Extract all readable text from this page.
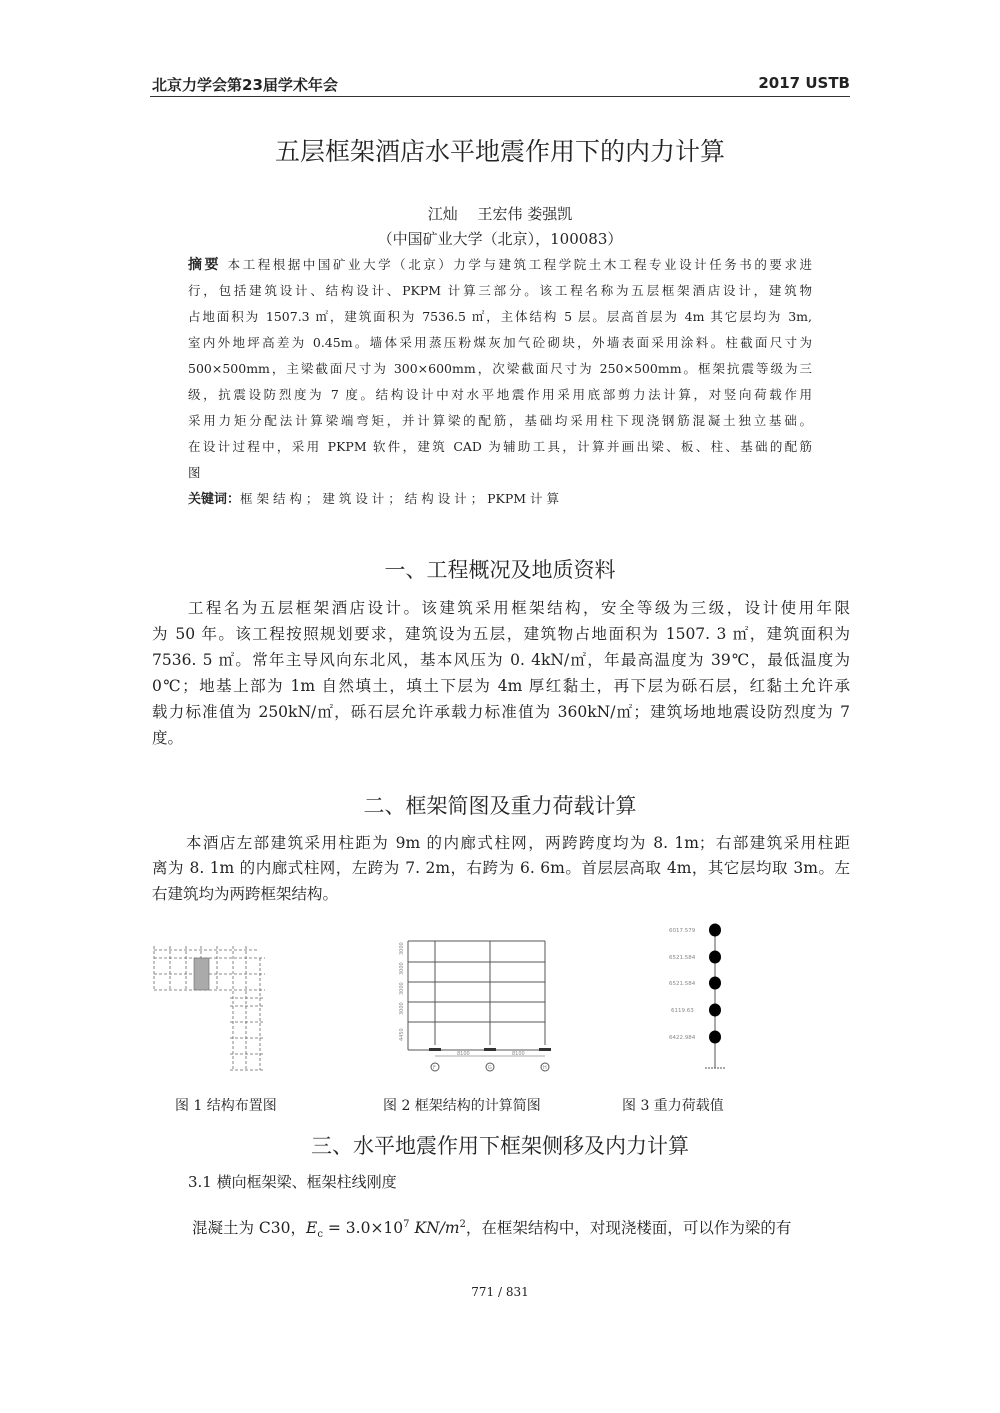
北京力学会第23届学术年会	2017 USTB
五层框架酒店水平地震作用下的内力计算
江灿　 王宏伟 娄强凯
（中国矿业大学（北京），100083）
摘要 本工程根据中国矿业大学（北京）力学与建筑工程学院土木工程专业设计任务书的要求进
行，包括建筑设计、结构设计、PKPM 计算三部分。该工程名称为五层框架酒店设计，建筑物
占地面积为 1507.3 ㎡，建筑面积为 7536.5 ㎡，主体结构 5 层。层高首层为 4m 其它层均为 3m,
室内外地坪高差为 0.45m。墙体采用蒸压粉煤灰加气砼砌块，外墙表面采用涂料。柱截面尺寸为
500×500mm，主梁截面尺寸为 300×600mm，次梁截面尺寸为 250×500mm。框架抗震等级为三
级，抗震设防烈度为 7 度。结构设计中对水平地震作用采用底部剪力法计算，对竖向荷载作用
采用力矩分配法计算梁端弯矩，并计算梁的配筋，基础均采用柱下现浇钢筋混凝土独立基础。
在设计过程中，采用 PKPM 软件，建筑 CAD 为辅助工具，计算并画出梁、板、柱、基础的配筋
图
关键词：框 架 结 构 ； 建 筑 设 计 ； 结 构 设 计 ； PKPM 计 算
一、工程概况及地质资料
　　工程名为五层框架酒店设计。该建筑采用框架结构，安全等级为三级，设计使用年限
为 50 年。该工程按照规划要求，建筑设为五层，建筑物占地面积为 1507. 3 ㎡，建筑面积为
7536. 5 ㎡。常年主导风向东北风，基本风压为 0. 4kN/㎡，年最高温度为 39℃，最低温度为
0℃；地基上部为 1m 自然填土，填土下层为 4m 厚红黏土，再下层为砾石层，红黏土允许承
载力标准值为 250kN/㎡，砾石层允许承载力标准值为 360kN/㎡；建筑场地地震设防烈度为 7
度。
二、框架简图及重力荷载计算
　　本酒店左部建筑采用柱距为 9m 的内廊式柱网，两跨跨度均为 8. 1m；右部建筑采用柱距
离为 8. 1m 的内廊式柱网，左跨为 7. 2m，右跨为 6. 6m。首层层高取 4m，其它层均取 3m。左
右建筑均为两跨框架结构。
3000
3000
3000
3000
4450
8100	8100
F	G	H
6017.579
6521.584
6521.584
6119.63
6422.984
图 1 结构布置图	图 2 框架结构的计算简图	图 3 重力荷载值
三、水平地震作用下框架侧移及内力计算
3.1 横向框架梁、框架柱线刚度
混凝土为 C30，$E_c = 3.0\times 10^7$ $KN/m^2$，在框架结构中，对现浇楼面，可以作为梁的有
771 / 831
